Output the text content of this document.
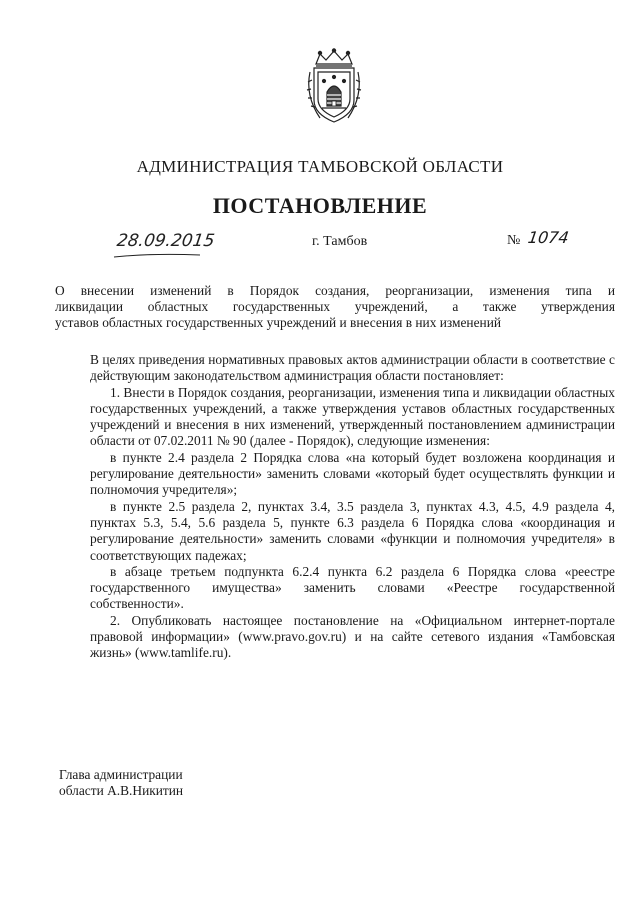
АДМИНИСТРАЦИЯ ТАМБОВСКОЙ ОБЛАСТИ
ПОСТАНОВЛЕНИЕ
28.09.2015	г. Тамбов	№ 1074

О внесении изменений в Порядок создания, реорганизации, изменения типа и

ликвидации областных государственных учреждений, а также утверждения

уставов областных государственных учреждений и внесения в них изменений

В целях приведения нормативных правовых актов администрации области в соответствие с действующим законодательством администрация области постановляет:

1. Внести в Порядок создания, реорганизации, изменения типа и ликвидации областных государственных учреждений, а также утверждения уставов областных государственных учреждений и внесения в них изменений, утвержденный постановлением администрации области от 07.02.2011 № 90 (далее - Порядок), следующие изменения:

в пункте 2.4 раздела 2 Порядка слова «на который будет возложена координация и регулирование деятельности» заменить словами «который будет осуществлять функции и полномочия учредителя»;

в пункте 2.5 раздела 2, пунктах 3.4, 3.5 раздела 3, пунктах 4.3, 4.5, 4.9 раздела 4, пунктах 5.3, 5.4, 5.6 раздела 5, пункте 6.3 раздела 6 Порядка слова «координация и регулирование деятельности» заменить словами «функции и полномочия учредителя» в соответствующих падежах;

в абзаце третьем подпункта 6.2.4 пункта 6.2 раздела 6 Порядка слова «реестре государственного имущества» заменить словами «Реестре государственной собственности».

2. Опубликовать настоящее постановление на «Официальном интернет-портале правовой информации» (www.pravo.gov.ru) и на сайте сетевого издания «Тамбовская жизнь» (www.tamlife.ru).

Глава администрации
области А.В.Никитин
